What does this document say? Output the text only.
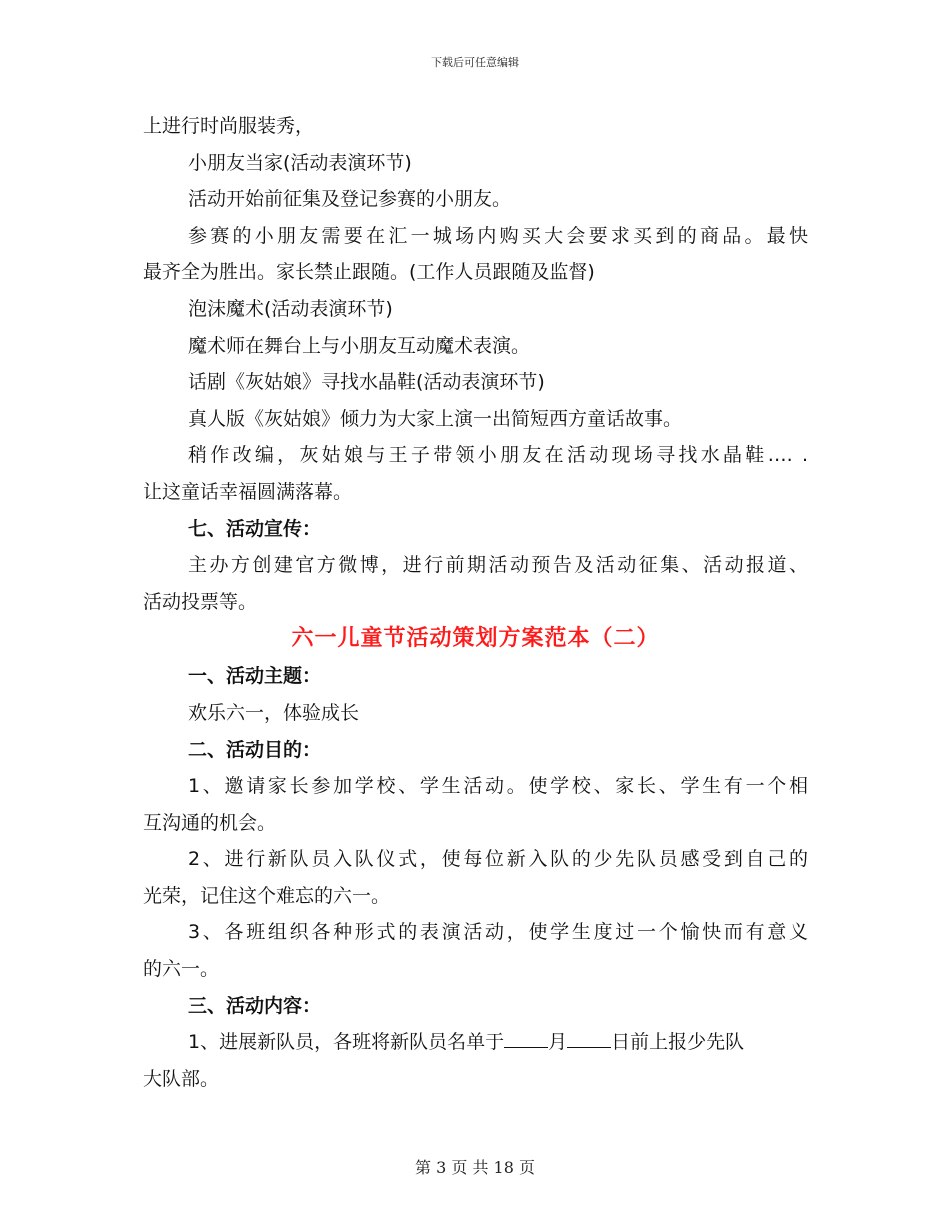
下载后可任意编辑
上进行时尚服装秀，
小朋友当家(活动表演环节)
活动开始前征集及登记参赛的小朋友。
参赛的小朋友需要在汇一城场内购买大会要求买到的商品。最快
最齐全为胜出。家长禁止跟随。(工作人员跟随及监督)
泡沫魔术(活动表演环节)
魔术师在舞台上与小朋友互动魔术表演。
话剧《灰姑娘》寻找水晶鞋(活动表演环节)
真人版《灰姑娘》倾力为大家上演一出简短西方童话故事。
稍作改编，灰姑娘与王子带领小朋友在活动现场寻找水晶鞋…. .
让这童话幸福圆满落幕。
七、活动宣传：
主办方创建官方微博，进行前期活动预告及活动征集、活动报道、
活动投票等。
六一儿童节活动策划方案范本（二）
一、活动主题：
欢乐六一，体验成长
二、活动目的：
1、邀请家长参加学校、学生活动。使学校、家长、学生有一个相
互沟通的机会。
2、进行新队员入队仪式，使每位新入队的少先队员感受到自己的
光荣，记住这个难忘的六一。
3、各班组织各种形式的表演活动，使学生度过一个愉快而有意义
的六一。
三、活动内容：
1、进展新队员，各班将新队员名单于 月 日前上报少先队
大队部。
第 3 页 共 18 页
